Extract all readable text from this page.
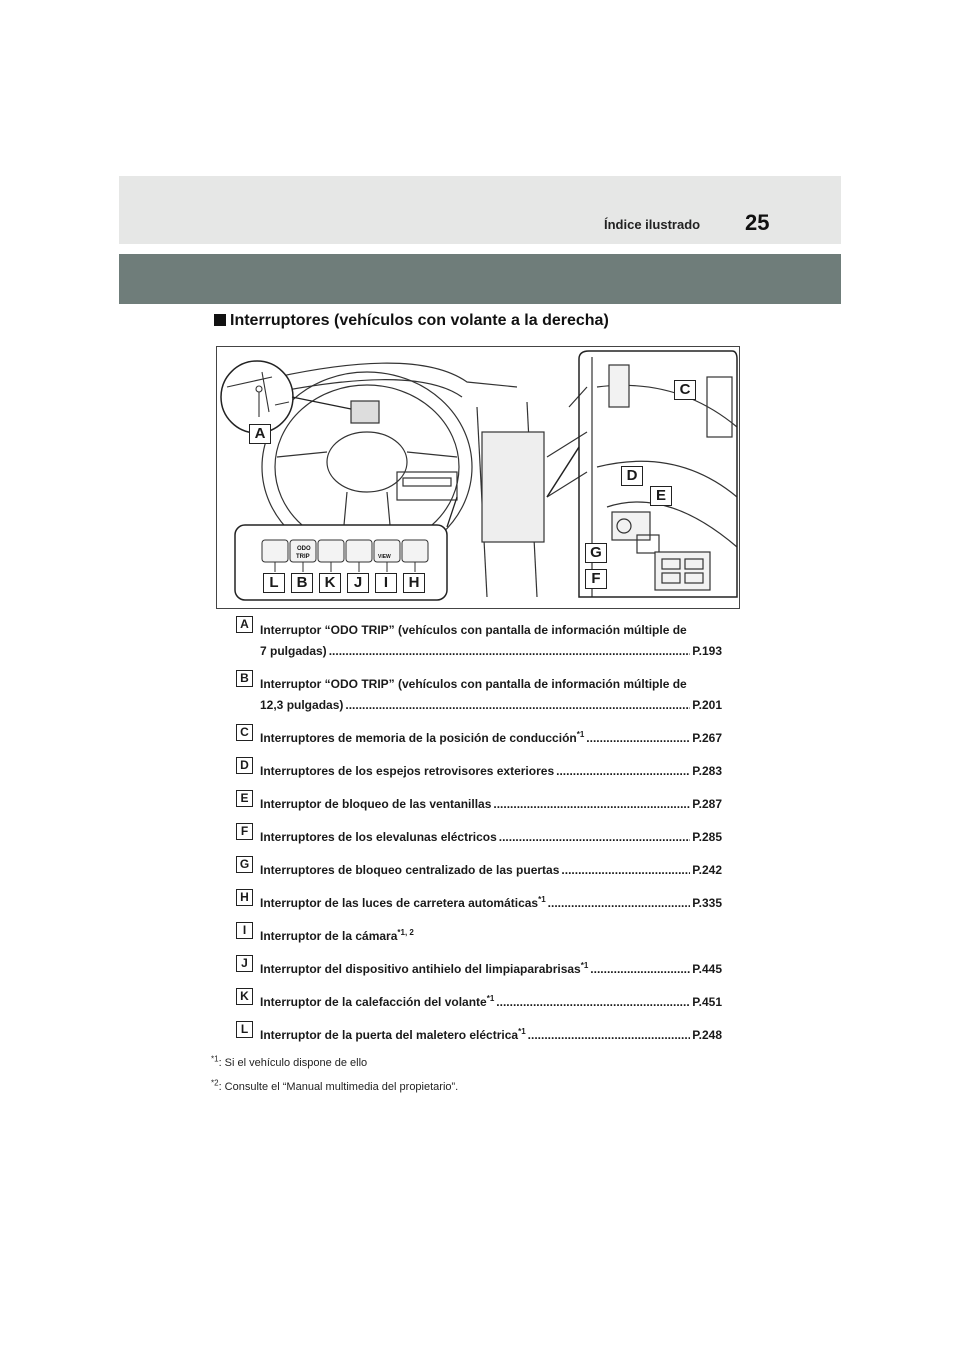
Índice ilustrado 25
Interruptores (vehículos con volante a la derecha)
ODO
TRIP	VIEW
A
C
D
E
G
F
L	B	K	J	I	H
A Interruptor “ODO TRIP” (vehículos con pantalla de información múltiple de
7 pulgadas) .....	P.193
B Interruptor “ODO TRIP” (vehículos con pantalla de información múltiple de
12,3 pulgadas) .....	P.201
C Interruptores de memoria de la posición de conducción$^{*1}$ .....	P.267
D Interruptores de los espejos retrovisores exteriores .....	P.283
E Interruptor de bloqueo de las ventanillas .....	P.287
F Interruptores de los elevalunas eléctricos .....	P.285
G Interruptores de bloqueo centralizado de las puertas .....	P.242
H Interruptor de las luces de carretera automáticas$^{*1}$ .....	P.335
I	Interruptor de la cámara$^{*1, 2}$
J	Interruptor del dispositivo antihielo del limpiaparabrisas$^{*1}$ .....	P.445
K Interruptor de la calefacción del volante$^{*1}$ .....	P.451
L Interruptor de la puerta del maletero eléctrica$^{*1}$ .....	P.248
$^{*1}$: Si el vehículo dispone de ello
$^{*2}$: Consulte el “Manual multimedia del propietario”.
